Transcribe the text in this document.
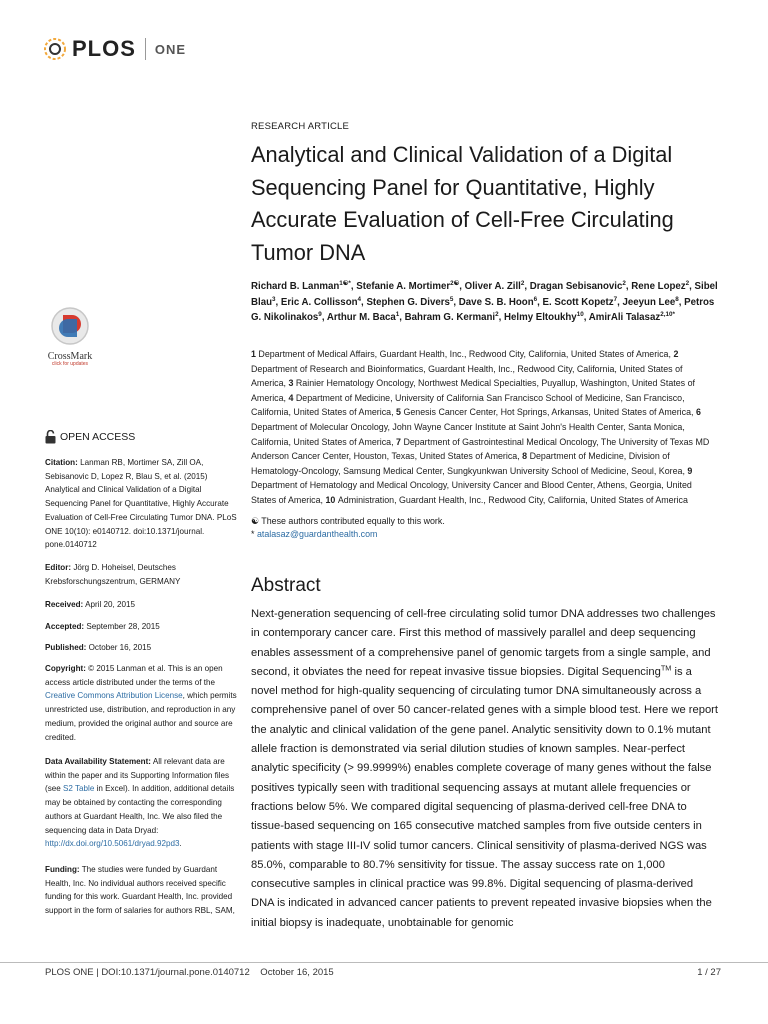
PLOS ONE
CrossMark
click for updates
OPEN ACCESS
Citation: Lanman RB, Mortimer SA, Zill OA, Sebisanovic D, Lopez R, Blau S, et al. (2015) Analytical and Clinical Validation of a Digital Sequencing Panel for Quantitative, Highly Accurate Evaluation of Cell-Free Circulating Tumor DNA. PLoS ONE 10(10): e0140712. doi:10.1371/journal. pone.0140712
Editor: Jörg D. Hoheisel, Deutsches Krebsforschungszentrum, GERMANY
Received: April 20, 2015
Accepted: September 28, 2015
Published: October 16, 2015
Copyright: © 2015 Lanman et al. This is an open access article distributed under the terms of the Creative Commons Attribution License, which permits unrestricted use, distribution, and reproduction in any medium, provided the original author and source are credited.
Data Availability Statement: All relevant data are within the paper and its Supporting Information files (see S2 Table in Excel). In addition, additional details may be obtained by contacting the corresponding authors at Guardant Health, Inc. We also filed the sequencing data in Data Dryad: http://dx.doi.org/10.5061/dryad.92pd3.
Funding: The studies were funded by Guardant Health, Inc. No individual authors received specific funding for this work. Guardant Health, Inc. provided support in the form of salaries for authors RBL, SAM,
RESEARCH ARTICLE
Analytical and Clinical Validation of a Digital Sequencing Panel for Quantitative, Highly Accurate Evaluation of Cell-Free Circulating Tumor DNA
Richard B. Lanman$^{1☯*}$, Stefanie A. Mortimer$^{2☯}$, Oliver A. Zill$^2$, Dragan Sebisanovic$^2$, Rene Lopez$^2$, Sibel Blau$^3$, Eric A. Collisson$^4$, Stephen G. Divers$^5$, Dave S. B. Hoon$^6$, E. Scott Kopetz$^7$, Jeeyun Lee$^8$, Petros G. Nikolinakos$^9$, Arthur M. Baca$^1$, Bahram G. Kermani$^2$, Helmy Eltoukhy$^{10}$, AmirAli Talasaz$^{2,10*}$
1 Department of Medical Affairs, Guardant Health, Inc., Redwood City, California, United States of America, 2 Department of Research and Bioinformatics, Guardant Health, Inc., Redwood City, California, United States of America, 3 Rainier Hematology Oncology, Northwest Medical Specialties, Puyallup, Washington, United States of America, 4 Department of Medicine, University of California San Francisco School of Medicine, San Francisco, California, United States of America, 5 Genesis Cancer Center, Hot Springs, Arkansas, United States of America, 6 Department of Molecular Oncology, John Wayne Cancer Institute at Saint John's Health Center, Santa Monica, California, United States of America, 7 Department of Gastrointestinal Medical Oncology, The University of Texas MD Anderson Cancer Center, Houston, Texas, United States of America, 8 Department of Medicine, Division of Hematology-Oncology, Samsung Medical Center, Sungkyunkwan University School of Medicine, Seoul, Korea, 9 Department of Hematology and Medical Oncology, University Cancer and Blood Center, Athens, Georgia, United States of America, 10 Administration, Guardant Health, Inc., Redwood City, California, United States of America
☯ These authors contributed equally to this work.
* atalasaz@guardanthealth.com
Abstract
Next-generation sequencing of cell-free circulating solid tumor DNA addresses two challenges in contemporary cancer care. First this method of massively parallel and deep sequencing enables assessment of a comprehensive panel of genomic targets from a single sample, and second, it obviates the need for repeat invasive tissue biopsies. Digital Sequencing™ is a novel method for high-quality sequencing of circulating tumor DNA simultaneously across a comprehensive panel of over 50 cancer-related genes with a simple blood test. Here we report the analytic and clinical validation of the gene panel. Analytic sensitivity down to 0.1% mutant allele fraction is demonstrated via serial dilution studies of known samples. Near-perfect analytic specificity (> 99.9999%) enables complete coverage of many genes without the false positives typically seen with traditional sequencing assays at mutant allele frequencies or fractions below 5%. We compared digital sequencing of plasma-derived cell-free DNA to tissue-based sequencing on 165 consecutive matched samples from five outside centers in patients with stage III-IV solid tumor cancers. Clinical sensitivity of plasma-derived NGS was 85.0%, comparable to 80.7% sensitivity for tissue. The assay success rate on 1,000 consecutive samples in clinical practice was 99.8%. Digital sequencing of plasma-derived DNA is indicated in advanced cancer patients to prevent repeated invasive biopsies when the initial biopsy is inadequate, unobtainable for genomic
PLOS ONE | DOI:10.1371/journal.pone.0140712    October 16, 2015	1 / 27
